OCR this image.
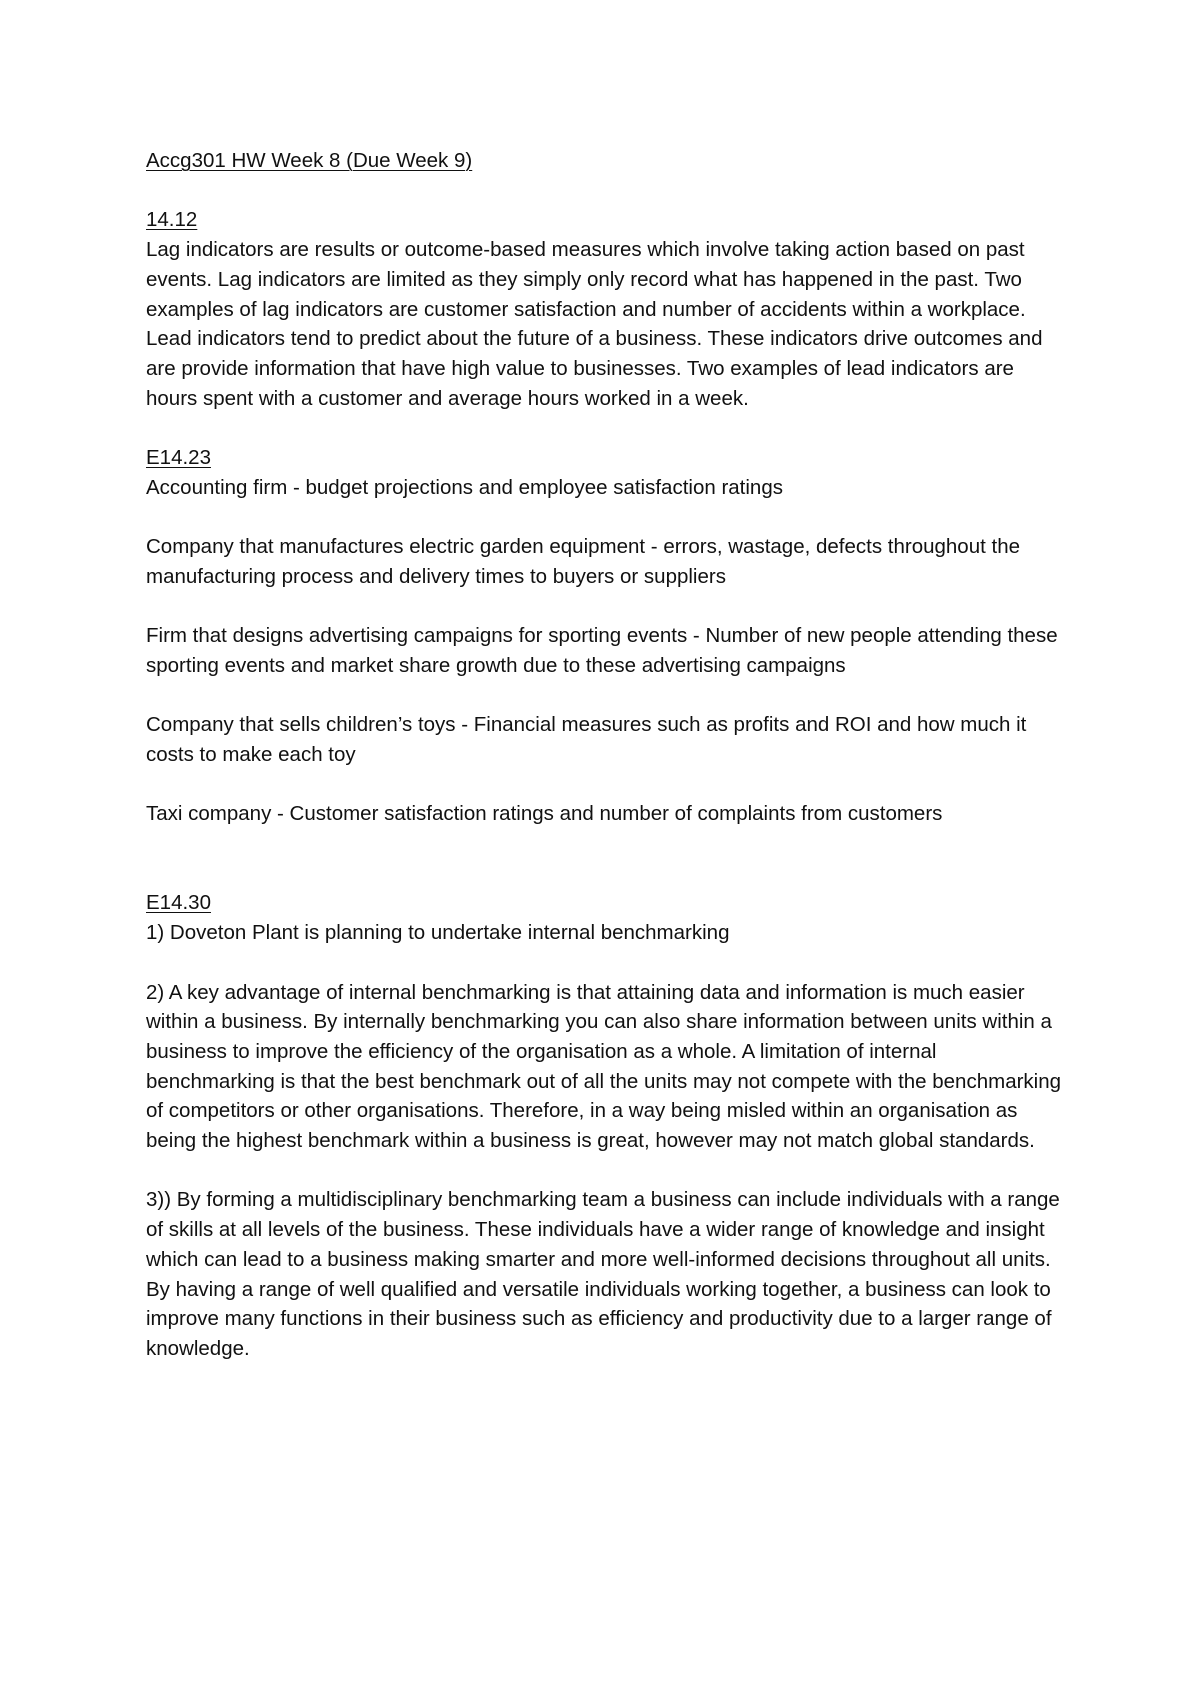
Accg301 HW Week 8 (Due Week 9)

14.12

Lag indicators are results or outcome-based measures which involve taking action based on past events. Lag indicators are limited as they simply only record what has happened in the past. Two examples of lag indicators are customer satisfaction and number of accidents within a workplace. Lead indicators tend to predict about the future of a business. These indicators drive outcomes and are provide information that have high value to businesses. Two examples of lead indicators are hours spent with a customer and average hours worked in a week.

E14.23

Accounting firm - budget projections and employee satisfaction ratings

Company that manufactures electric garden equipment - errors, wastage, defects throughout the manufacturing process and delivery times to buyers or suppliers

Firm that designs advertising campaigns for sporting events - Number of new people attending these sporting events and market share growth due to these advertising campaigns

Company that sells children’s toys - Financial measures such as profits and ROI and how much it costs to make each toy

Taxi company - Customer satisfaction ratings and number of complaints from customers

E14.30

1) Doveton Plant is planning to undertake internal benchmarking

2) A key advantage of internal benchmarking is that attaining data and information is much easier within a business. By internally benchmarking you can also share information between units within a business to improve the efficiency of the organisation as a whole. A limitation of internal benchmarking is that the best benchmark out of all the units may not compete with the benchmarking of competitors or other organisations. Therefore, in a way being misled within an organisation as being the highest benchmark within a business is great, however may not match global standards.

3)) By forming a multidisciplinary benchmarking team a business can include individuals with a range of skills at all levels of the business. These individuals have a wider range of knowledge and insight which can lead to a business making smarter and more well-informed decisions throughout all units. By having a range of well qualified and versatile individuals working together, a business can look to improve many functions in their business such as efficiency and productivity due to a larger range of knowledge.
